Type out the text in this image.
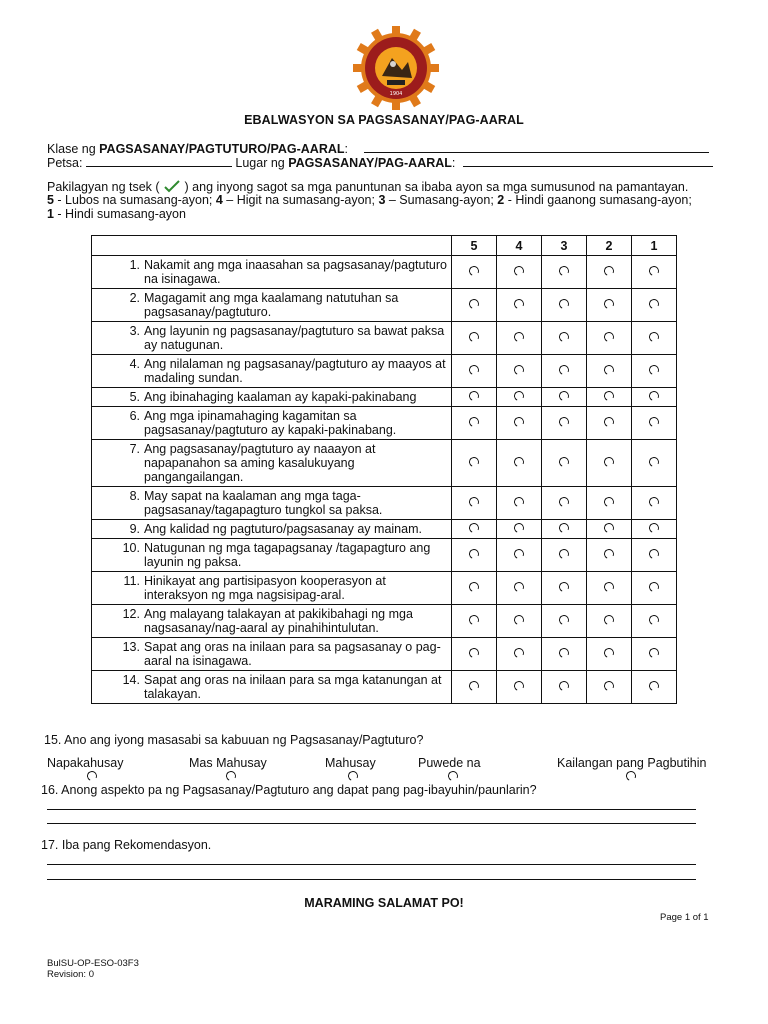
1904
EBALWASYON SA PAGSASANAY/PAG-AARAL
Klase ng PAGSASANAY/PAGTUTURO/PAG-AARAL:
Petsa:	Lugar ng PAGSASANAY/PAG-AARAL:
Pakilagyan ng tsek ( ) ang inyong sagot sa mga panuntunan sa ibaba ayon sa mga sumusunod na pamantayan.
5 - Lubos na sumasang-ayon; 4 – Higit na sumasang-ayon; 3 – Sumasang-ayon; 2 - Hindi gaanong sumasang-ayon;
1 - Hindi sumasang-ayon
	5	4	3	2	1

1. Nakamit ang mga inaasahan sa pagsasanay/pagtuturo na isinagawa.					

2. Magagamit ang mga kaalamang natutuhan sa pagsasanay/pagtuturo.					

3. Ang layunin ng pagsasanay/pagtuturo sa bawat paksa ay natugunan.					

4. Ang nilalaman ng pagsasanay/pagtuturo ay maayos at madaling sundan.					

5. Ang ibinahaging kaalaman ay kapaki-pakinabang					

6. Ang mga ipinamahaging kagamitan sa pagsasanay/pagtuturo ay kapaki-pakinabang.					

7. Ang pagsasanay/pagtuturo ay naaayon at napapanahon sa aming kasalukuyang pangangailangan.					

8. May sapat na kaalaman ang mga taga-pagsasanay/tagapagturo tungkol sa paksa.					

9. Ang kalidad ng pagtuturo/pagsasanay ay mainam.					

10. Natugunan ng mga tagapagsanay /tagapagturo ang layunin ng paksa.					

11. Hinikayat ang partisipasyon kooperasyon at interaksyon ng mga nagsisipag-aral.					

12. Ang malayang talakayan at pakikibahagi ng mga nagsasanay/nag-aaral ay pinahihintulutan.					

13. Sapat ang oras na inilaan para sa pagsasanay o pag-aaral na isinagawa.					

14. Sapat ang oras na inilaan para sa mga katanungan at talakayan.					

15. Ano ang iyong masasabi sa kabuuan ng Pagsasanay/Pagtuturo?
Napakahusay	Mas Mahusay	Mahusay	Puwede na	Kailangan pang Pagbutihin
16. Anong aspekto pa ng Pagsasanay/Pagtuturo ang dapat pang pag-ibayuhin/paunlarin?
17. Iba pang Rekomendasyon.
MARAMING SALAMAT PO!
Page 1 of 1
BulSU-OP-ESO-03F3
Revision: 0
